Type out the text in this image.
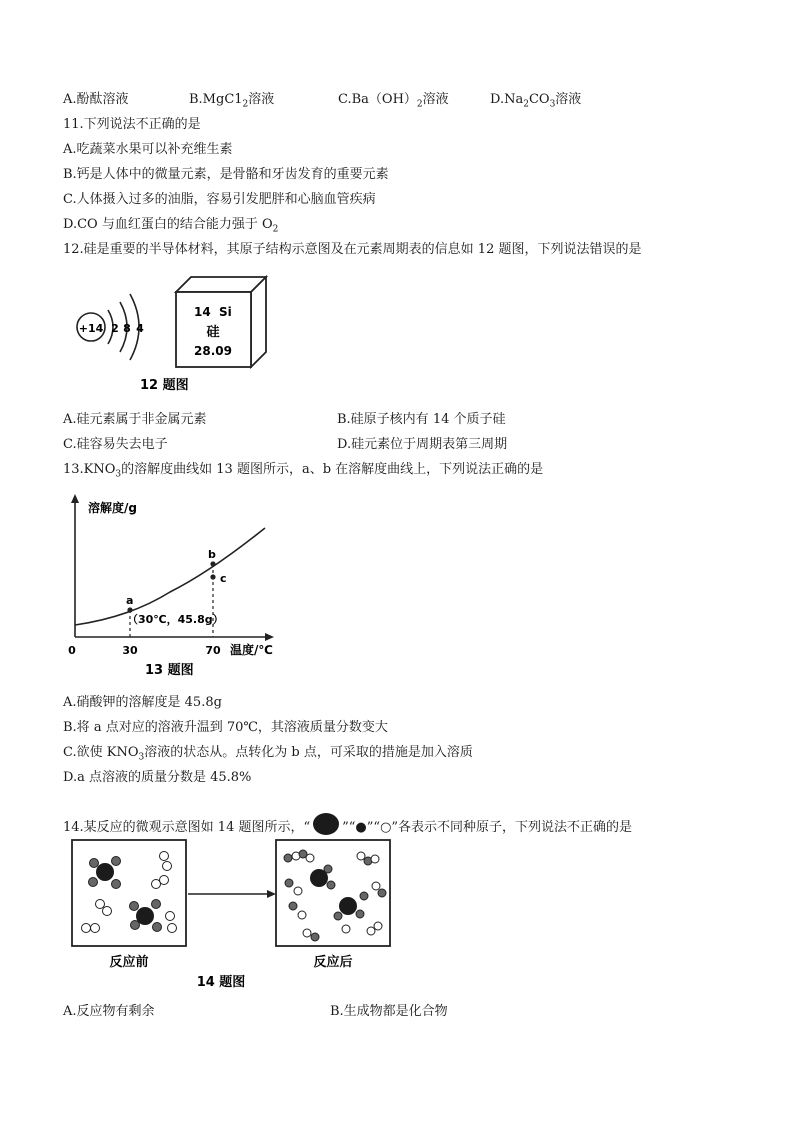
A.酚酞溶液	$B.MgC1_2$溶液	$C.Ba(OH)_2$溶液	$D.Na_2CO_3$溶液
11.下列说法不正确的是
A.吃蔬菜水果可以补充维生素
B.钙是人体中的微量元素，是骨骼和牙齿发育的重要元素
C.人体摄入过多的油脂，容易引发肥胖和心脑血管疾病
D.CO 与血红蛋白的结合能力强于 $O_2$
12.硅是重要的半导体材料，其原子结构示意图及在元素周期表的信息如 12 题图，下列说法错误的是
+14 2 8 4
14 Si
硅
28.09
12 题图
A.硅元素属于非金属元素	B.硅原子核内有 14 个质子硅
C.硅容易失去电子	D.硅元素位于周期表第三周期
$13.KNO_3$的溶解度曲线如 13 题图所示，a、b 在溶解度曲线上，下列说法正确的是
溶解度/g
温度/℃
0	30	70
a
b
c
（30℃，45.8g）
13 题图
A.硝酸钾的溶解度是 45.8g
B.将 a 点对应的溶液升温到 70℃，其溶液质量分数变大
C.欲使 $KNO_3$溶液的状态从。点转化为 b 点，可采取的措施是加入溶质
D.a 点溶液的质量分数是 45.8%
14.某反应的微观示意图如 14 题图所示，“ ”“●”“○”各表示不同种原子，下列说法不正确的是
反应前	反应后
14 题图
A.反应物有剩余	B.生成物都是化合物
